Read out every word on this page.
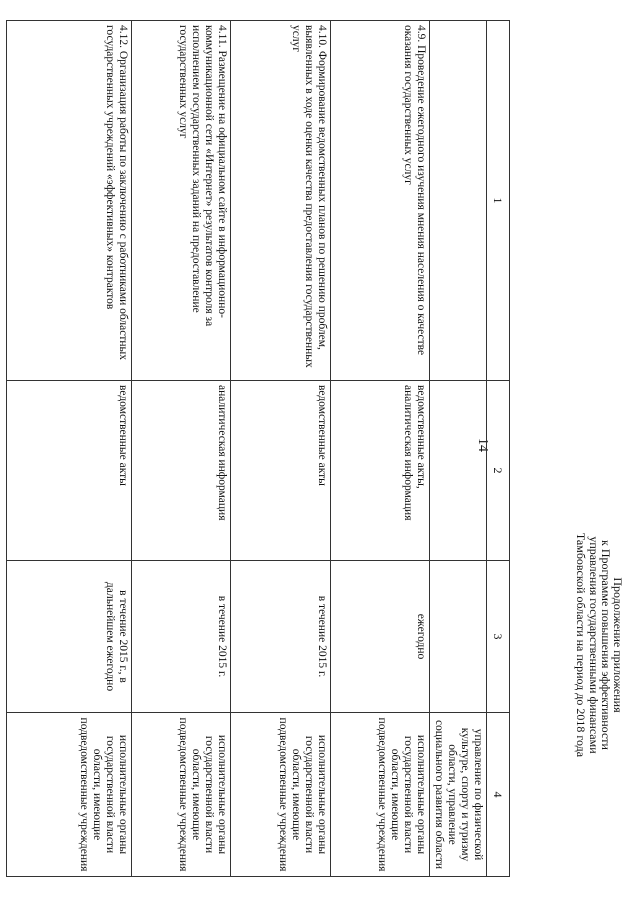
14
Продолжение приложения
к Программе повышения эффективности
управления государственными финансами
Тамбовской области на период до 2018 года
1	2	3	4
			управление по физической культуре, спорту и туризму области, управление социального развития области
4.9. Проведение ежегодного изучения мнения населения о качестве оказания государственных услуг	ведомственные акты, аналитическая информация	ежегодно	исполнительные органы государственной власти области, имеющие подведомственные учреждения
4.10. Формирование ведомственных планов по решению проблем, выявленных в ходе оценки качества предоставления государственных услуг	ведомственные акты	в течение 2015 г.	исполнительные органы государственной власти области, имеющие подведомственные учреждения
4.11. Размещение на официальном сайте в информационно-коммуникационной сети «Интернет» результатов контроля за исполнением государственных заданий на предоставление государственных услуг	аналитическая информация	в течение 2015 г.	исполнительные органы государственной власти области, имеющие подведомственные учреждения
4.12. Организация работы по заключению с работниками областных государственных учреждений «эффективных» контрактов	ведомственные акты	в течение 2015 г., в дальнейшем ежегодно	исполнительные органы государственной власти области, имеющие подведомственные учреждения
